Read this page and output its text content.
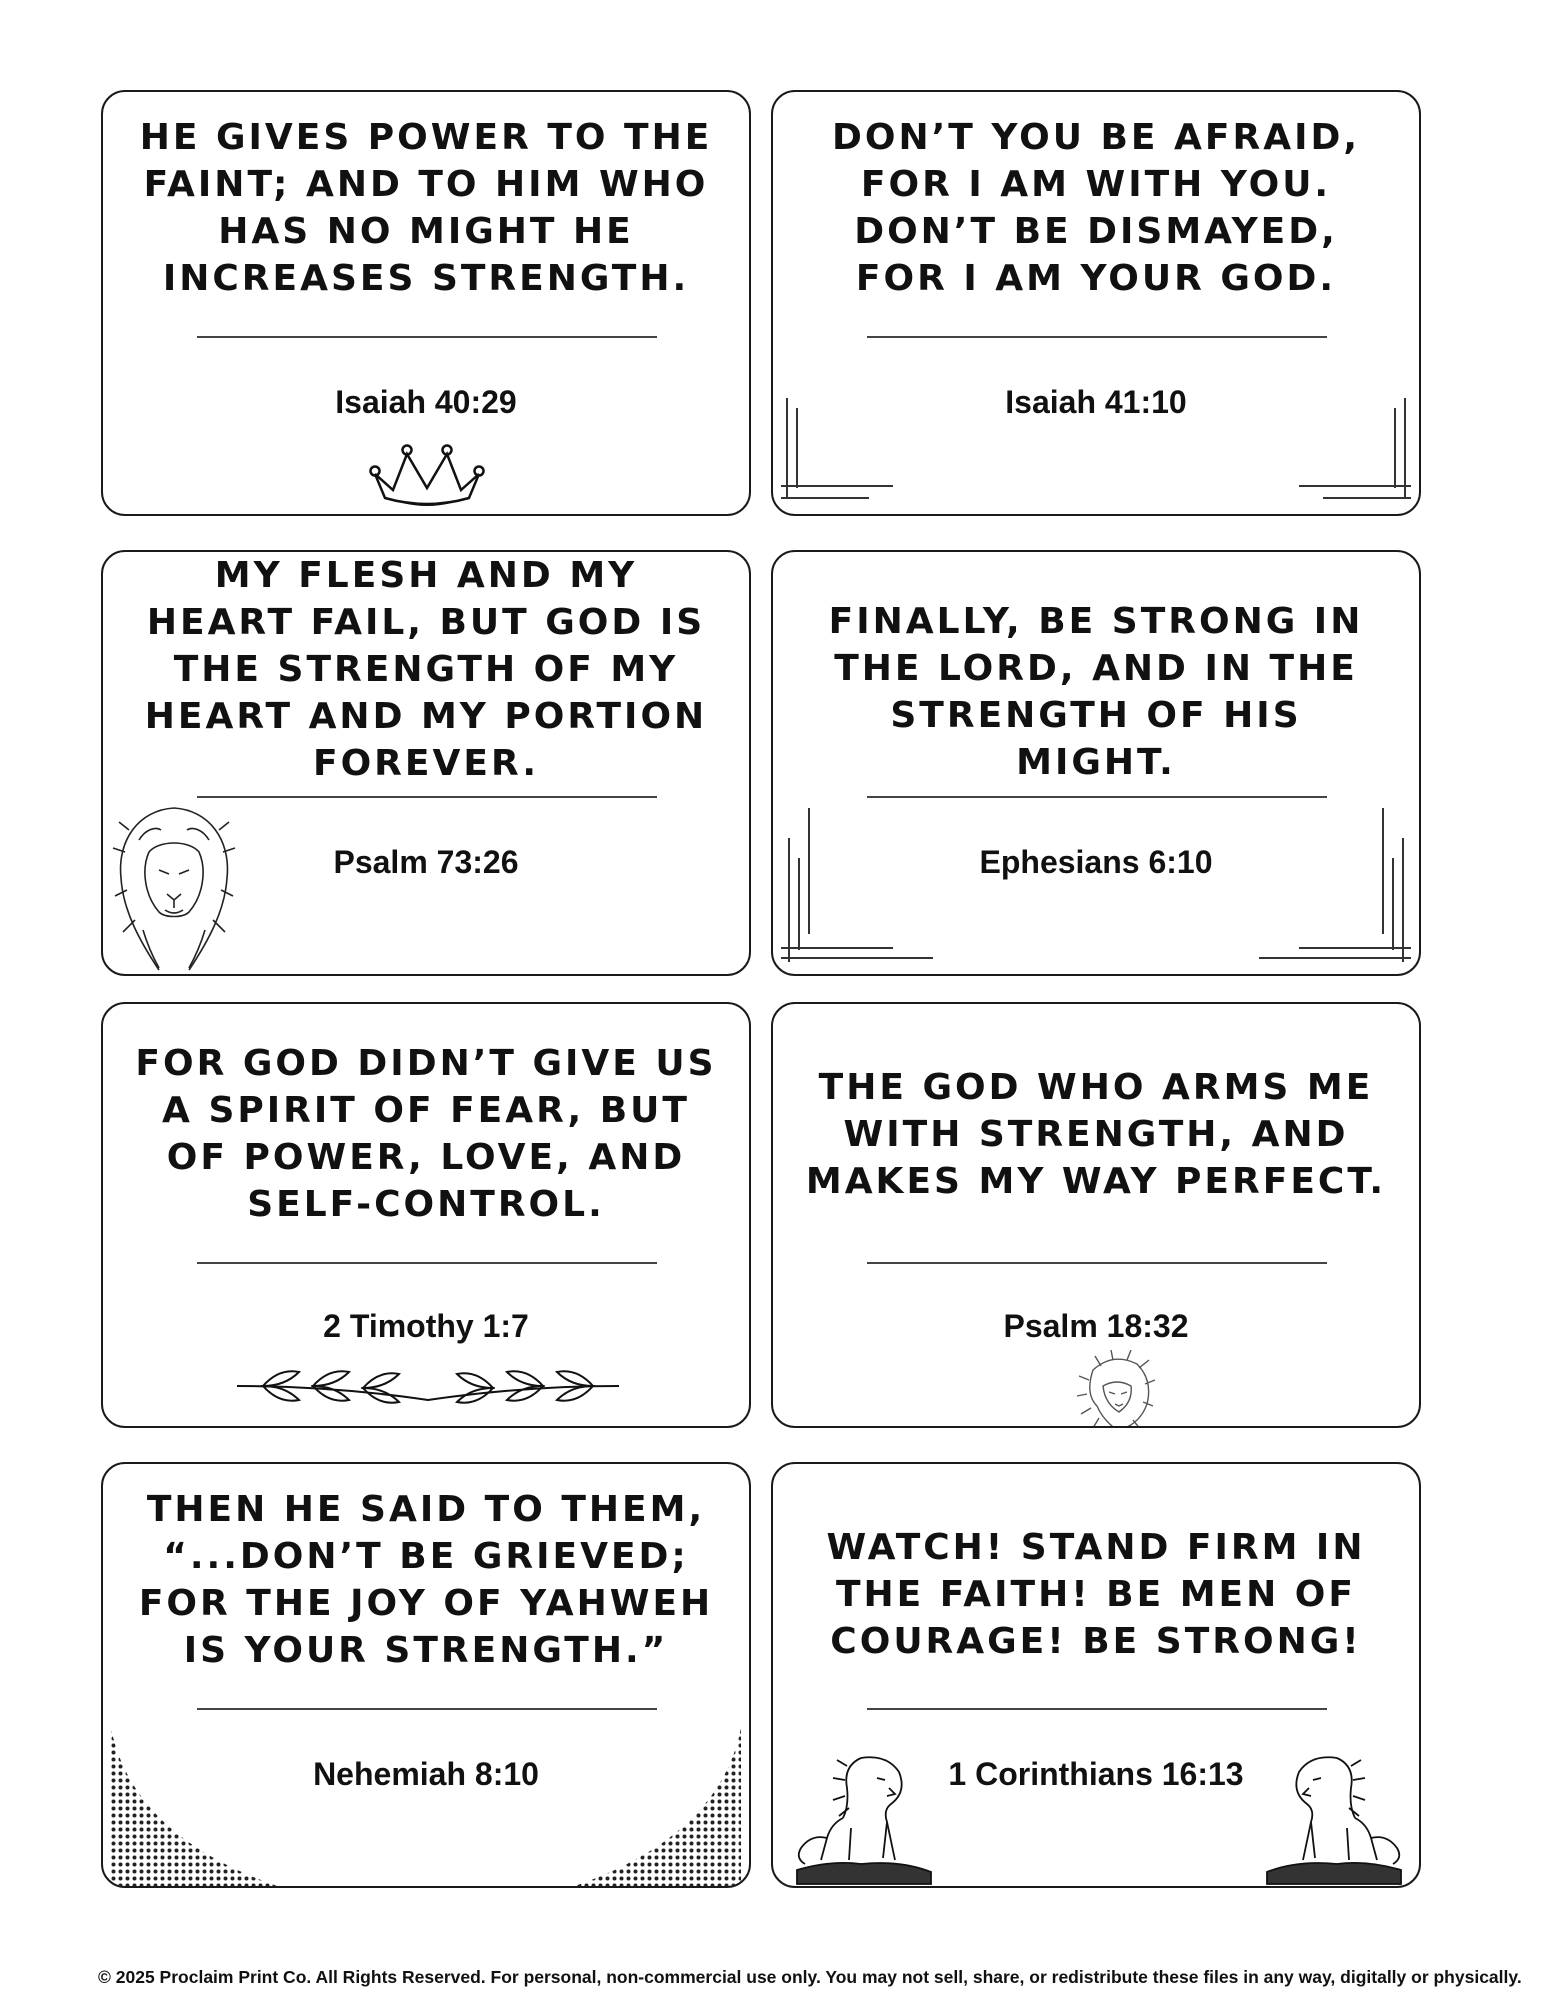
HE GIVES POWER TO THE FAINT; AND TO HIM WHO HAS NO MIGHT HE INCREASES STRENGTH.
Isaiah 40:29
DON’T YOU BE AFRAID, FOR I AM WITH YOU. DON’T BE DISMAYED, FOR I AM YOUR GOD.
Isaiah 41:10
MY FLESH AND MY HEART FAIL, BUT GOD IS THE STRENGTH OF MY HEART AND MY PORTION FOREVER.
Psalm 73:26
FINALLY, BE STRONG IN THE LORD, AND IN THE STRENGTH OF HIS MIGHT.
Ephesians 6:10
FOR GOD DIDN’T GIVE US A SPIRIT OF FEAR, BUT OF POWER, LOVE, AND SELF-CONTROL.
2 Timothy 1:7
THE GOD WHO ARMS ME WITH STRENGTH, AND MAKES MY WAY PERFECT.
Psalm 18:32
THEN HE SAID TO THEM, “...DON’T BE GRIEVED; FOR THE JOY OF YAHWEH IS YOUR STRENGTH.”
Nehemiah 8:10
WATCH! STAND FIRM IN THE FAITH! BE MEN OF COURAGE! BE STRONG!
1 Corinthians 16:13
© 2025 Proclaim Print Co. All Rights Reserved. For personal, non-commercial use only. You may not sell, share, or redistribute these files in any way, digitally or physically.
